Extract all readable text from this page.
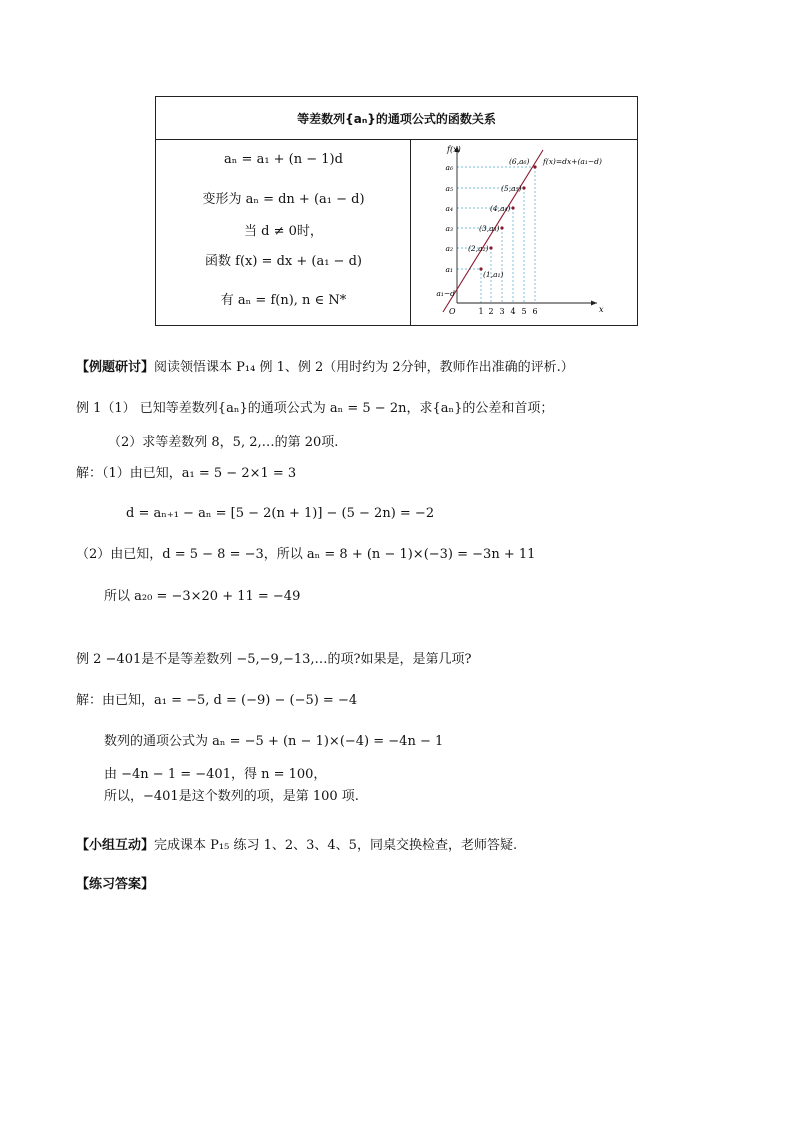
等差数列{aₙ}的通项公式的函数关系
aₙ = a₁ + (n − 1)d
变形为 aₙ = dn + (a₁ − d)
当 d ≠ 0时，
函数 f(x) = dx + (a₁ − d)
有 aₙ = f(n), n ∈ N*
f(x)
x
O	1 2 3 4 5 6
a₆
a₅
a₄
a₃
a₂
a₁
a₁−d
(1,a₁)
(2,a₂)
(3,a₃)
(4,a₄)
(5,a₅)
(6,a₆) f(x)=dx+(a₁−d)
【例题研讨】阅读领悟课本 P₁₄ 例 1、例 2（用时约为 2分钟，教师作出准确的评析.）
例 1（1） 已知等差数列{aₙ}的通项公式为 aₙ = 5 − 2n，求{aₙ}的公差和首项；
（2）求等差数列 8，5, 2,…的第 20项.
解：（1）由已知，a₁ = 5 − 2×1 = 3
d = aₙ₊₁ − aₙ = [5 − 2(n + 1)] − (5 − 2n) = −2
（2）由已知，d = 5 − 8 = −3，所以 aₙ = 8 + (n − 1)×(−3) = −3n + 11
所以 a₂₀ = −3×20 + 11 = −49
例 2 −401是不是等差数列 −5,−9,−13,…的项?如果是，是第几项?
解：由已知，a₁ = −5, d = (−9) − (−5) = −4
数列的通项公式为 aₙ = −5 + (n − 1)×(−4) = −4n − 1
由 −4n − 1 = −401，得 n = 100，
所以，−401是这个数列的项，是第 100 项.
【小组互动】完成课本 P₁₅ 练习 1、2、3、4、5，同桌交换检查，老师答疑.
【练习答案】
